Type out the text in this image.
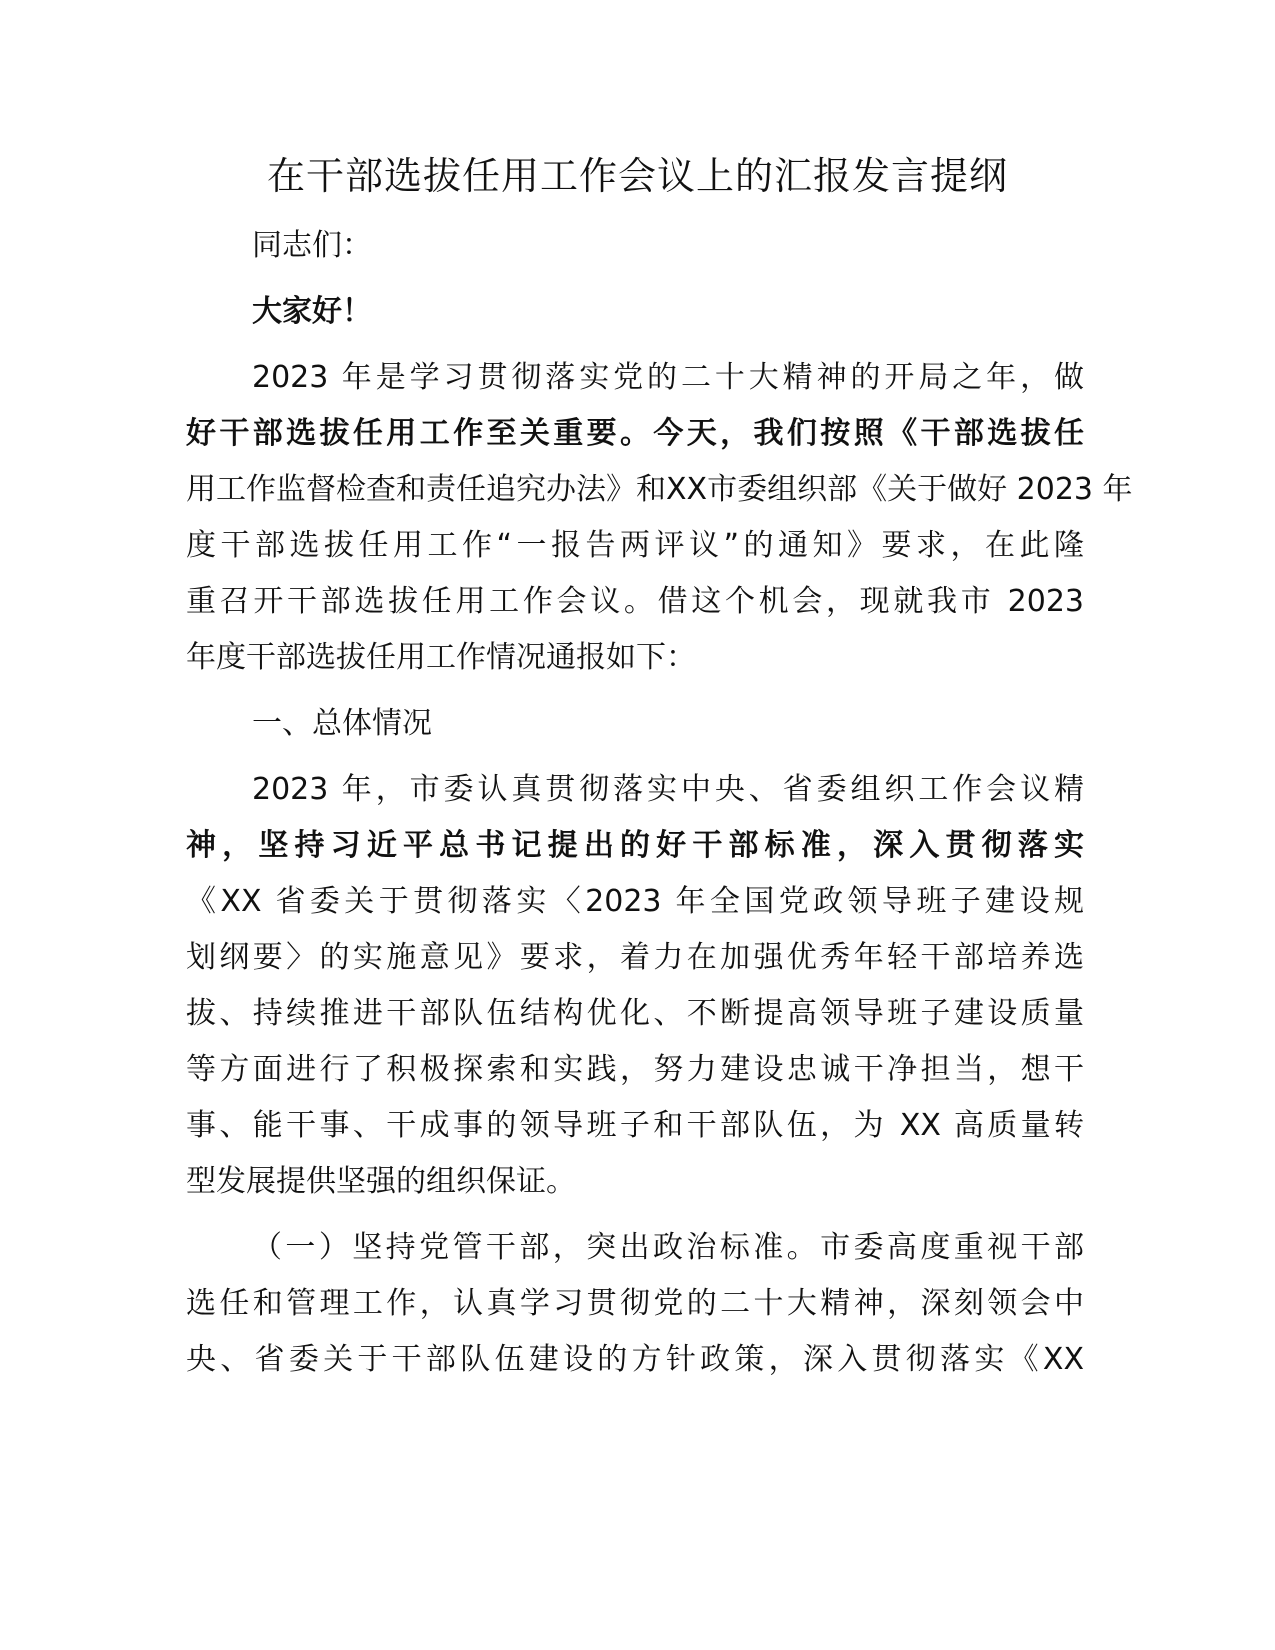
在干部选拔任用工作会议上的汇报发言提纲
同志们：
大家好！
2023 年是学习贯彻落实党的二十大精神的开局之年，做
好干部选拔任用工作至关重要。今天，我们按照《干部选拔任
用工作监督检查和责任追究办法》和XX市委组织部《关于做好 2023 年
度干部选拔任用工作“一报告两评议”的通知》要求，在此隆
重召开干部选拔任用工作会议。借这个机会，现就我市 2023
年度干部选拔任用工作情况通报如下：
一、总体情况
2023 年，市委认真贯彻落实中央、省委组织工作会议精
神，坚持习近平总书记提出的好干部标准，深入贯彻落实
《XX 省委关于贯彻落实〈2023 年全国党政领导班子建设规
划纲要〉的实施意见》要求，着力在加强优秀年轻干部培养选
拔、持续推进干部队伍结构优化、不断提高领导班子建设质量
等方面进行了积极探索和实践，努力建设忠诚干净担当，想干
事、能干事、干成事的领导班子和干部队伍，为 XX 高质量转
型发展提供坚强的组织保证。
（一）坚持党管干部，突出政治标准。市委高度重视干部
选任和管理工作，认真学习贯彻党的二十大精神，深刻领会中
央、省委关于干部队伍建设的方针政策，深入贯彻落实《XX
